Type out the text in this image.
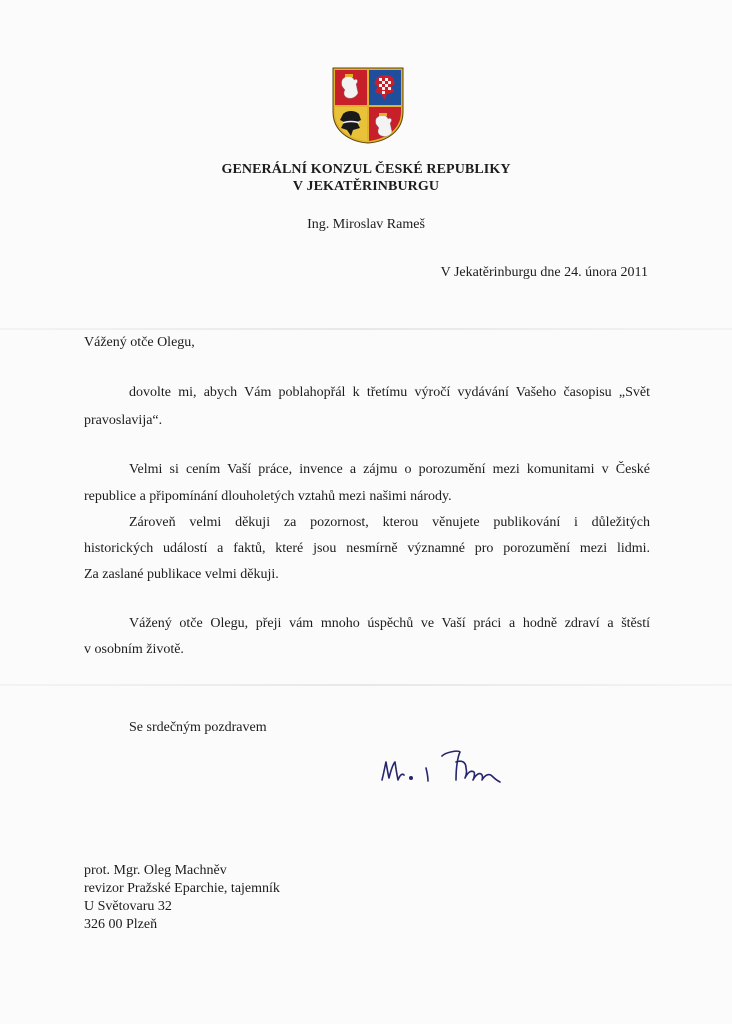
GENERÁLNÍ KONZUL ČESKÉ REPUBLIKY
V JEKATĚRINBURGU
Ing. Miroslav Rameš
V Jekatěrinburgu dne 24. února 2011
Vážený otče Olegu,
dovolte mi, abych Vám poblahopřál k třetímu výročí vydávání Vašeho časopisu „Svět
pravoslavija“.
Velmi si cením Vaší práce, invence a zájmu o porozumění mezi komunitami v České
republice a připomínání dlouholetých vztahů mezi našimi národy.
Zároveň velmi děkuji za pozornost, kterou věnujete publikování i důležitých
historických událostí a faktů, které jsou nesmírně významné pro porozumění mezi lidmi.
Za zaslané publikace velmi děkuji.
Vážený otče Olegu, přeji vám mnoho úspěchů ve Vaší práci a hodně zdraví a štěstí
v osobním životě.
Se srdečným pozdravem
prot. Mgr. Oleg Machněv
revizor Pražské Eparchie, tajemník
U Světovaru 32
326 00 Plzeň
